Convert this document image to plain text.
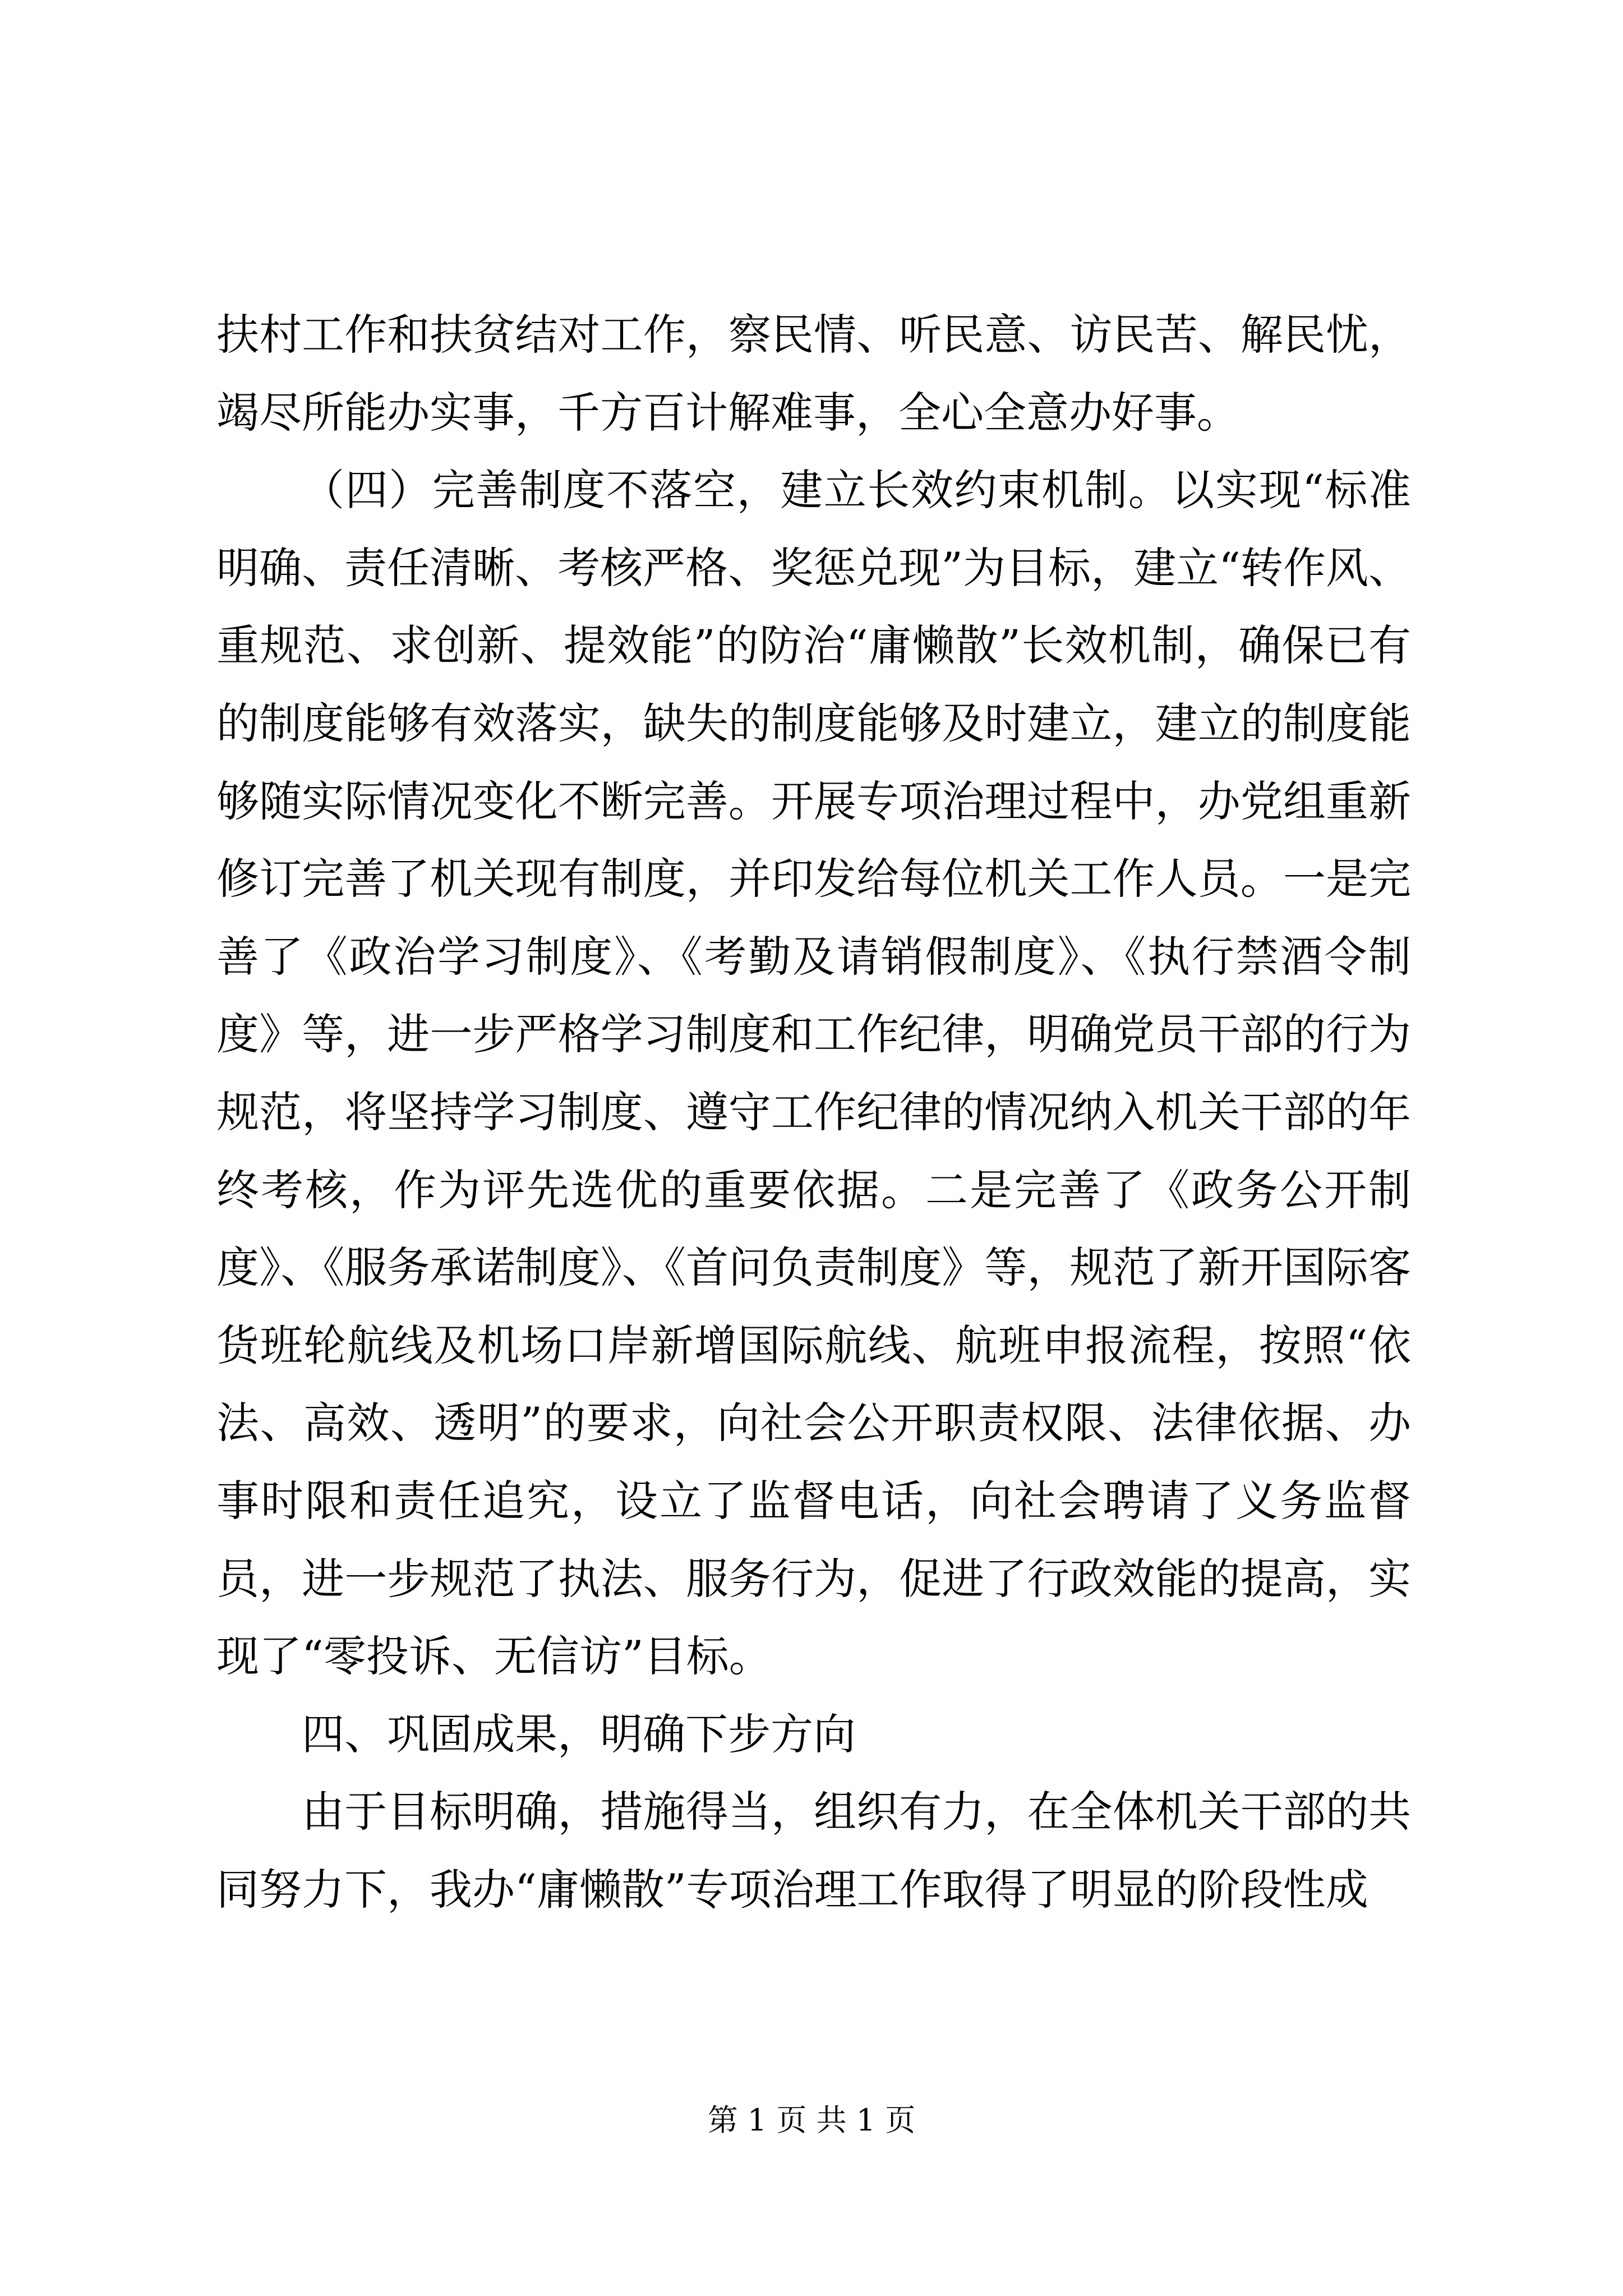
扶村工作和扶贫结对工作，察民情、听民意、访民苦、解民忧，竭尽所能办实事，千方百计解难事，全心全意办好事。

（四）完善制度不落空，建立长效约束机制。以实现“标准明确、责任清晰、考核严格、奖惩兑现”为目标，建立“转作风、重规范、求创新、提效能”的防治“庸懒散”长效机制，确保已有的制度能够有效落实，缺失的制度能够及时建立，建立的制度能够随实际情况变化不断完善。开展专项治理过程中，办党组重新修订完善了机关现有制度，并印发给每位机关工作人员。一是完善了《政治学习制度》、《考勤及请销假制度》、《执行禁酒令制度》等，进一步严格学习制度和工作纪律，明确党员干部的行为规范，将坚持学习制度、遵守工作纪律的情况纳入机关干部的年终考核，作为评先选优的重要依据。二是完善了《政务公开制度》、《服务承诺制度》、《首问负责制度》等，规范了新开国际客货班轮航线及机场口岸新增国际航线、航班申报流程，按照“依法、高效、透明”的要求，向社会公开职责权限、法律依据、办事时限和责任追究，设立了监督电话，向社会聘请了义务监督员，进一步规范了执法、服务行为，促进了行政效能的提高，实现了“零投诉、无信访”目标。

四、巩固成果，明确下步方向

由于目标明确，措施得当，组织有力，在全体机关干部的共同努力下，我办“庸懒散”专项治理工作取得了明显的阶段性成

第 1 页 共 1 页
